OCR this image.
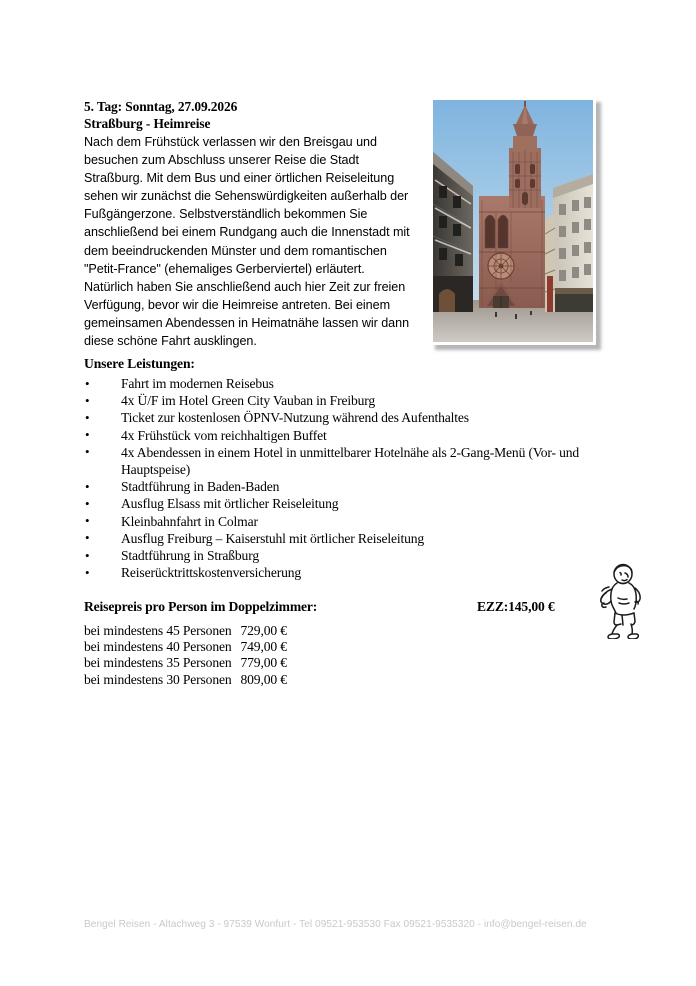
5. Tag: Sonntag, 27.09.2026
Straßburg - Heimreise
Nach dem Frühstück verlassen wir den Breisgau und besuchen zum Abschluss unserer Reise die Stadt Straßburg. Mit dem Bus und einer örtlichen Reiseleitung sehen wir zunächst die Sehenswürdigkeiten außerhalb der Fußgängerzone. Selbstverständlich bekommen Sie anschließend bei einem Rundgang auch die Innenstadt mit dem beeindruckenden Münster und dem romantischen "Petit-France" (ehemaliges Gerberviertel) erläutert. Natürlich haben Sie anschließend auch hier Zeit zur freien Verfügung, bevor wir die Heimreise antreten. Bei einem gemeinsamen Abendessen in Heimatnähe lassen wir dann diese schöne Fahrt ausklingen.
Unsere Leistungen:
• Fahrt im modernen Reisebus
• 4x Ü/F im Hotel Green City Vauban in Freiburg
• Ticket zur kostenlosen ÖPNV-Nutzung während des Aufenthaltes
• 4x Frühstück vom reichhaltigen Buffet
• 4x Abendessen in einem Hotel in unmittelbarer Hotelnähe als 2-Gang-Menü (Vor- und Hauptspeise)
• Stadtführung in Baden-Baden
• Ausflug Elsass mit örtlicher Reiseleitung
• Kleinbahnfahrt in Colmar
• Ausflug Freiburg – Kaiserstuhl mit örtlicher Reiseleitung
• Stadtführung in Straßburg
• Reiserücktrittskostenversicherung
Reisepreis pro Person im Doppelzimmer:	EZZ:145,00 €
bei mindestens 45 Personen	729,00 €
bei mindestens 40 Personen	749,00 €
bei mindestens 35 Personen	779,00 €
bei mindestens 30 Personen	809,00 €
Bengel Reisen - Altachweg 3 - 97539 Wonfurt - Tel 09521-953530 Fax 09521-9535320 - info@bengel-reisen.de
